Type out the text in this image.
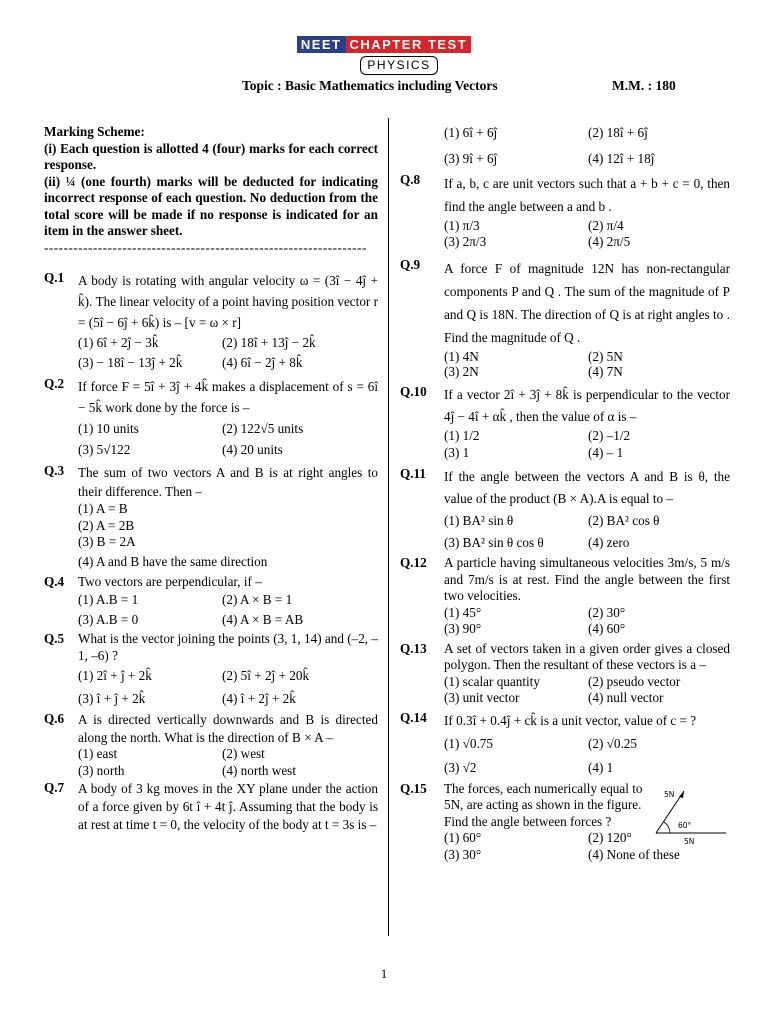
NEET CHAPTER TEST
PHYSICS
Topic : Basic Mathematics including Vectors	M.M. : 180
Marking Scheme:
(i) Each question is allotted 4 (four) marks for each correct response.
(ii) ¼ (one fourth) marks will be deducted for indicating incorrect response of each question. No deduction from the total score will be made if no response is indicated for an item in the answer sheet.
------------------------------------------------------------------
Q.1 A body is rotating with angular velocity ω = (3î − 4ĵ + k̂). The linear velocity of a point having position vector r = (5î − 6ĵ + 6k̂) is – [v = ω × r]
(1) 6î + 2ĵ − 3k̂	(2) 18î + 13ĵ − 2k̂
(3) − 18î − 13ĵ + 2k̂	(4) 6î − 2ĵ + 8k̂
Q.2 If force F = 5î + 3ĵ + 4k̂ makes a displacement of s = 6î − 5k̂ work done by the force is –
(1) 10 units	(2) 122√5 units
(3) 5√122	(4) 20 units
Q.3 The sum of two vectors A and B is at right angles to their difference. Then –
(1) A = B
(2) A = 2B
(3) B = 2A
(4) A and B have the same direction
Q.4 Two vectors are perpendicular, if –
(1) A.B = 1	(2) A × B = 1
(3) A.B = 0	(4) A × B = AB
Q.5 What is the vector joining the points (3, 1, 14) and (–2, –1, –6) ?
(1) 2î + ĵ + 2k̂	(2) 5î + 2ĵ + 20k̂
(3) î + ĵ + 2k̂	(4) î + 2ĵ + 2k̂
Q.6 A is directed vertically downwards and B is directed along the north. What is the direction of B × A –
(1) east	(2) west
(3) north	(4) north west
Q.7 A body of 3 kg moves in the XY plane under the action of a force given by 6t î + 4t ĵ. Assuming that the body is at rest at time t = 0, the velocity of the body at t = 3s is –
(1) 6î + 6ĵ	(2) 18î + 6ĵ
(3) 9î + 6ĵ	(4) 12î + 18ĵ
Q.8 If a, b, c are unit vectors such that a + b + c = 0, then find the angle between a and b .
(1) π/3	(2) π/4
(3) 2π/3	(4) 2π/5
Q.9 A force F of magnitude 12N has non-rectangular components P and Q . The sum of the magnitude of P and Q is 18N. The direction of Q is at right angles to . Find the magnitude of Q .
(1) 4N	(2) 5N
(3) 2N	(4) 7N
Q.10 If a vector 2î + 3ĵ + 8k̂ is perpendicular to the vector 4ĵ − 4î + αk̂ , then the value of α is –
(1) 1/2	(2) –1/2
(3) 1	(4) – 1
Q.11 If the angle between the vectors A and B is θ, the value of the product (B × A).A is equal to –
(1) BA² sin θ	(2) BA² cos θ
(3) BA² sin θ cos θ	(4) zero
Q.12 A particle having simultaneous velocities 3m/s, 5 m/s and 7m/s is at rest. Find the angle between the first two velocities.
(1) 45°	(2) 30°
(3) 90°	(4) 60°
Q.13 A set of vectors taken in a given order gives a closed polygon. Then the resultant of these vectors is a –
(1) scalar quantity	(2) pseudo vector
(3) unit vector	(4) null vector
Q.14 If 0.3î + 0.4ĵ + ck̂ is a unit vector, value of c = ?
(1) √0.75	(2) √0.25
(3) √2	(4) 1
Q.15 The forces, each numerically equal to 5N, are acting as shown in the figure. Find the angle between forces ?
(1) 60°	(2) 120°
(3) 30°	(4) None of these
5N
60°
5N
1
